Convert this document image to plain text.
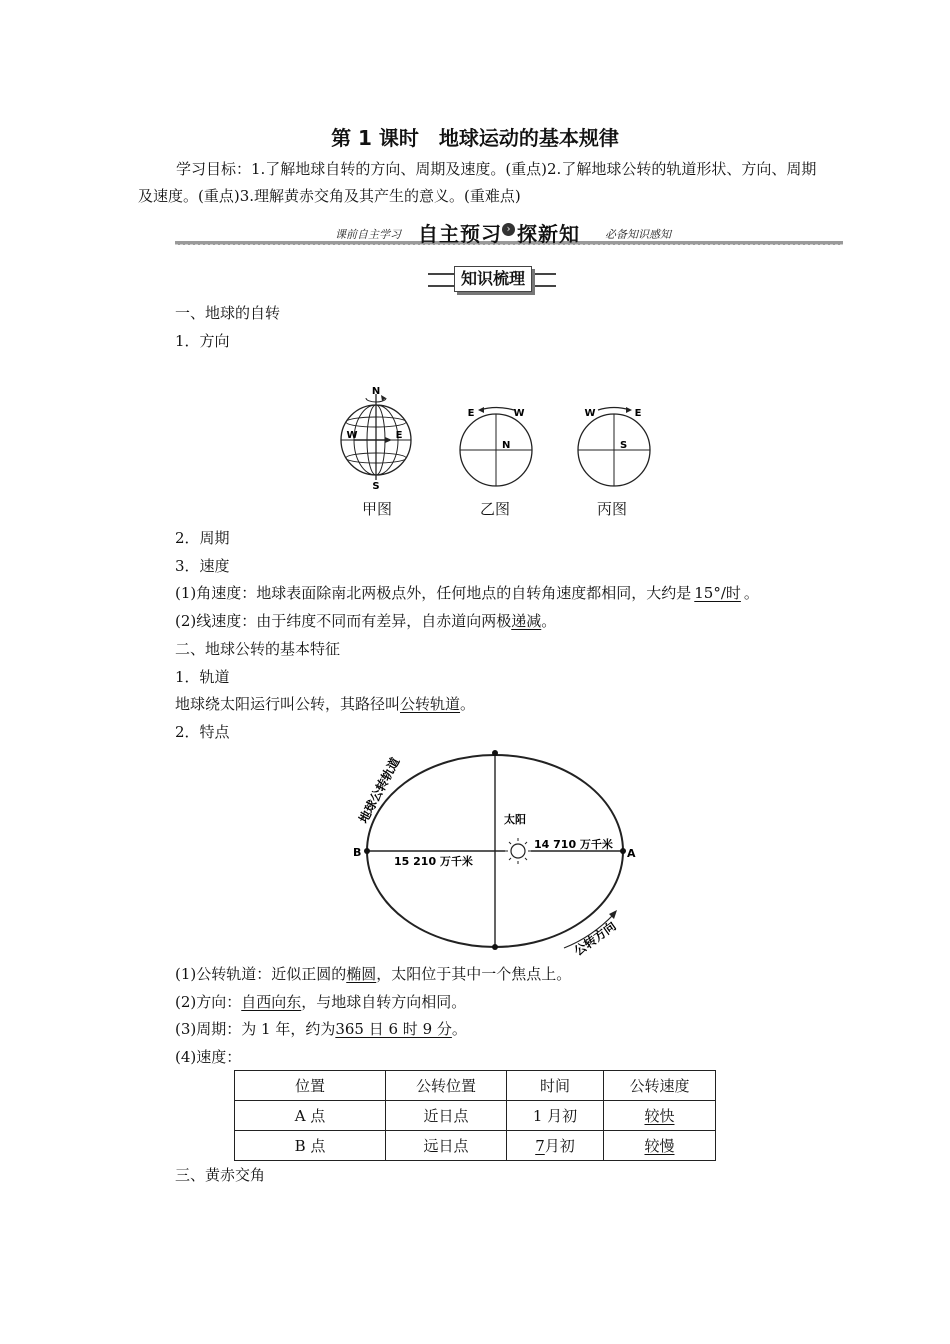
第 1 课时　地球运动的基本规律
学习目标：1.了解地球自转的方向、周期及速度。(重点)2.了解地球公转的轨道形状、方向、周期及速度。(重点)3.理解黄赤交角及其产生的意义。(重难点)
课前自主学习 自主预习 › 探新知 必备知识感知
知识梳理
一、地球的自转
1．方向
N
S
W	E
E	W
N
W	E
S
甲图	乙图	丙图
2．周期
3．速度
(1)角速度：地球表面除南北两极点外，任何地点的自转角速度都相同，大约是 15°/时 。
(2)线速度：由于纬度不同而有差异，自赤道向两极递减。
二、地球公转的基本特征
1．轨道
地球绕太阳运行叫公转，其路径叫公转轨道。
2．特点
太阳
B	A
15 210 万千米
14 710 万千米
地球公转轨道
公转方向
(1)公转轨道：近似正圆的椭圆，太阳位于其中一个焦点上。
(2)方向：自西向东，与地球自转方向相同。
(3)周期：为 1 年，约为365 日 6 时 9 分。
(4)速度：
位置	公转位置	时间	公转速度
A 点	近日点	1 月初	较快
B 点	远日点	7月初	较慢
三、黄赤交角
